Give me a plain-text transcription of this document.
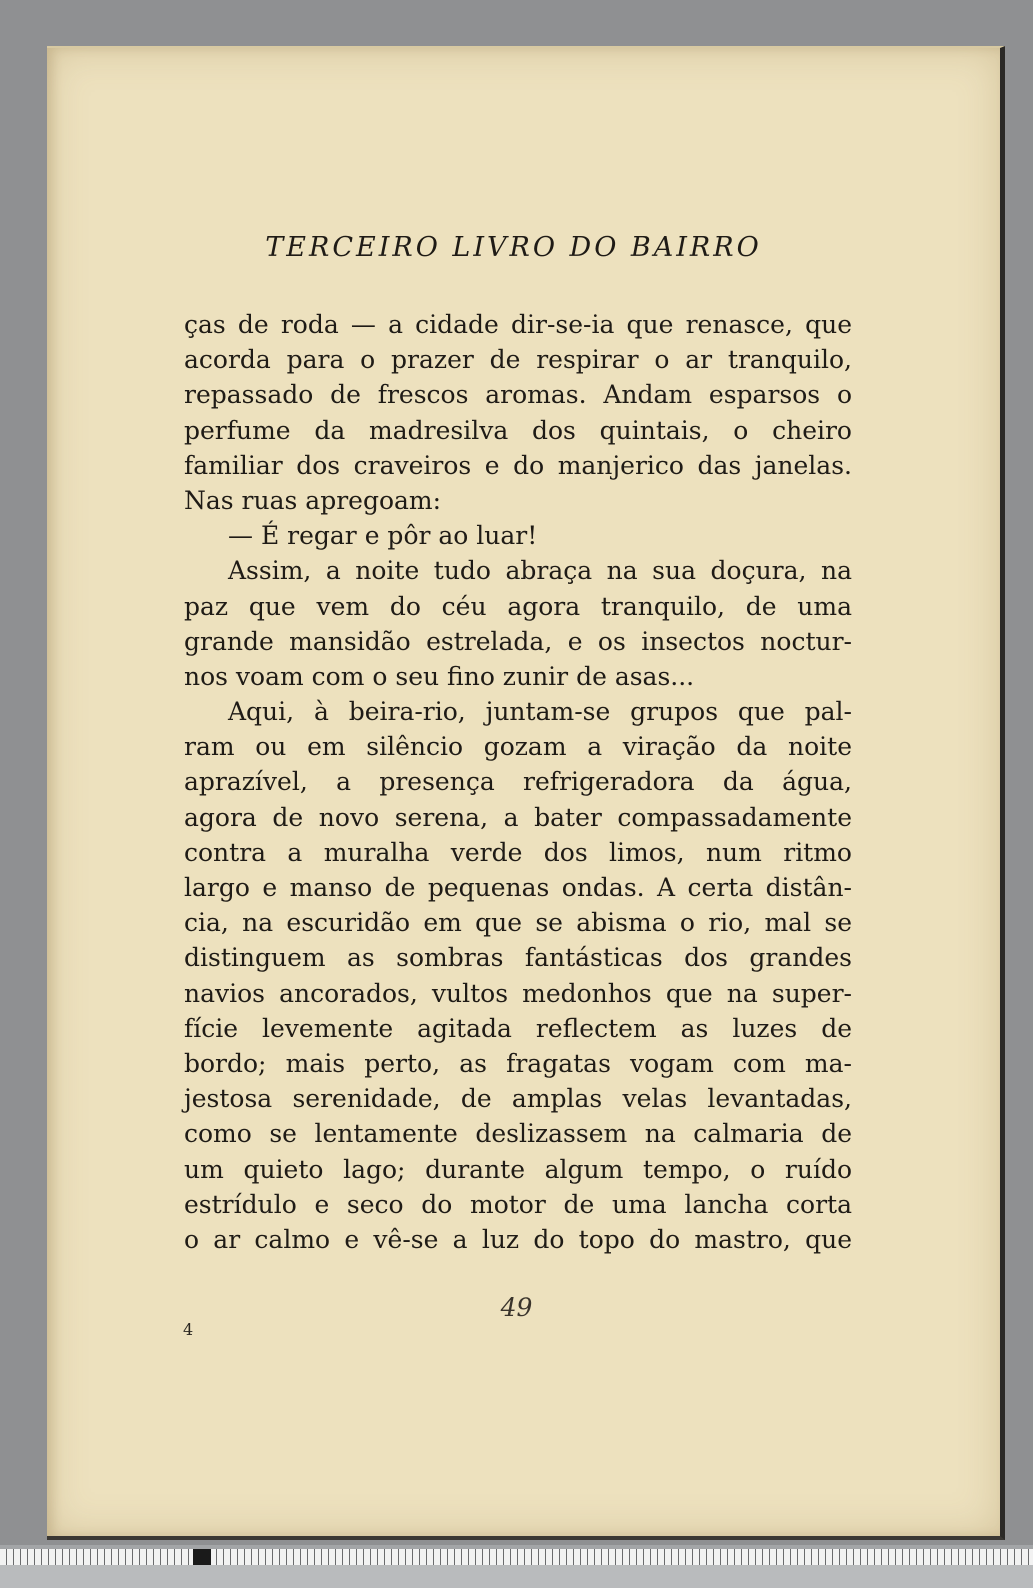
TERCEIRO LIVRO DO BAIRRO
ças de roda — a cidade dir-se-ia que renasce, que
acorda para o prazer de respirar o ar tranquilo,
repassado de frescos aromas. Andam esparsos o
perfume da madresilva dos quintais, o cheiro
familiar dos craveiros e do manjerico das janelas.
Nas ruas apregoam:
— É regar e pôr ao luar!
Assim, a noite tudo abraça na sua doçura, na
paz que vem do céu agora tranquilo, de uma
grande mansidão estrelada, e os insectos noctur-
nos voam com o seu fino zunir de asas...
Aqui, à beira-rio, juntam-se grupos que pal-
ram ou em silêncio gozam a viração da noite
aprazível, a presença refrigeradora da água,
agora de novo serena, a bater compassadamente
contra a muralha verde dos limos, num ritmo
largo e manso de pequenas ondas. A certa distân-
cia, na escuridão em que se abisma o rio, mal se
distinguem as sombras fantásticas dos grandes
navios ancorados, vultos medonhos que na super-
fície levemente agitada reflectem as luzes de
bordo; mais perto, as fragatas vogam com ma-
jestosa serenidade, de amplas velas levantadas,
como se lentamente deslizassem na calmaria de
um quieto lago; durante algum tempo, o ruído
estrídulo e seco do motor de uma lancha corta
o ar calmo e vê-se a luz do topo do mastro, que
49
4
